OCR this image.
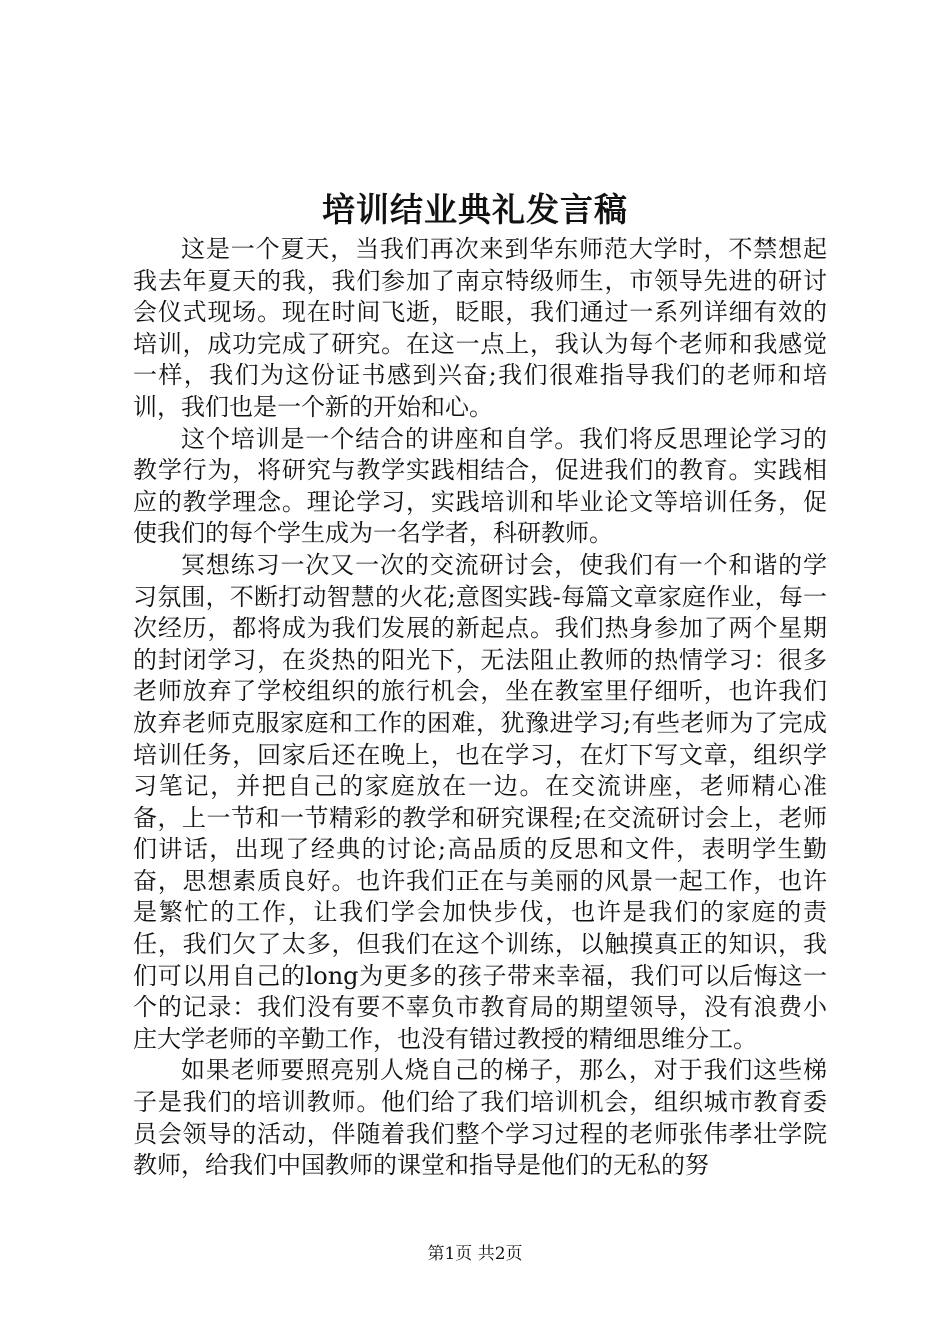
培训结业典礼发言稿

这是一个夏天，当我们再次来到华东师范大学时，不禁想起我去年夏天的我，我们参加了南京特级师生，市领导先进的研讨会仪式现场。现在时间飞逝，眨眼，我们通过一系列详细有效的培训，成功完成了研究。在这一点上，我认为每个老师和我感觉一样，我们为这份证书感到兴奋;我们很难指导我们的老师和培训，我们也是一个新的开始和心。

这个培训是一个结合的讲座和自学。我们将反思理论学习的教学行为，将研究与教学实践相结合，促进我们的教育。实践相应的教学理念。理论学习，实践培训和毕业论文等培训任务，促使我们的每个学生成为一名学者，科研教师。

冥想练习一次又一次的交流研讨会，使我们有一个和谐的学习氛围，不断打动智慧的火花;意图实践-每篇文章家庭作业，每一次经历，都将成为我们发展的新起点。我们热身参加了两个星期的封闭学习，在炎热的阳光下，无法阻止教师的热情学习：很多老师放弃了学校组织的旅行机会，坐在教室里仔细听，也许我们放弃老师克服家庭和工作的困难，犹豫进学习;有些老师为了完成培训任务，回家后还在晚上，也在学习，在灯下写文章，组织学习笔记，并把自己的家庭放在一边。在交流讲座，老师精心准备，上一节和一节精彩的教学和研究课程;在交流研讨会上，老师们讲话，出现了经典的讨论;高品质的反思和文件，表明学生勤奋，思想素质良好。也许我们正在与美丽的风景一起工作，也许是繁忙的工作，让我们学会加快步伐，也许是我们的家庭的责任，我们欠了太多，但我们在这个训练，以触摸真正的知识，我们可以用自己的long为更多的孩子带来幸福，我们可以后悔这一个的记录：我们没有要不辜负市教育局的期望领导，没有浪费小庄大学老师的辛勤工作，也没有错过教授的精细思维分工。

如果老师要照亮别人烧自己的梯子，那么，对于我们这些梯子是我们的培训教师。他们给了我们培训机会，组织城市教育委员会领导的活动，伴随着我们整个学习过程的老师张伟孝壮学院教师，给我们中国教师的课堂和指导是他们的无私的努

第1页 共2页
